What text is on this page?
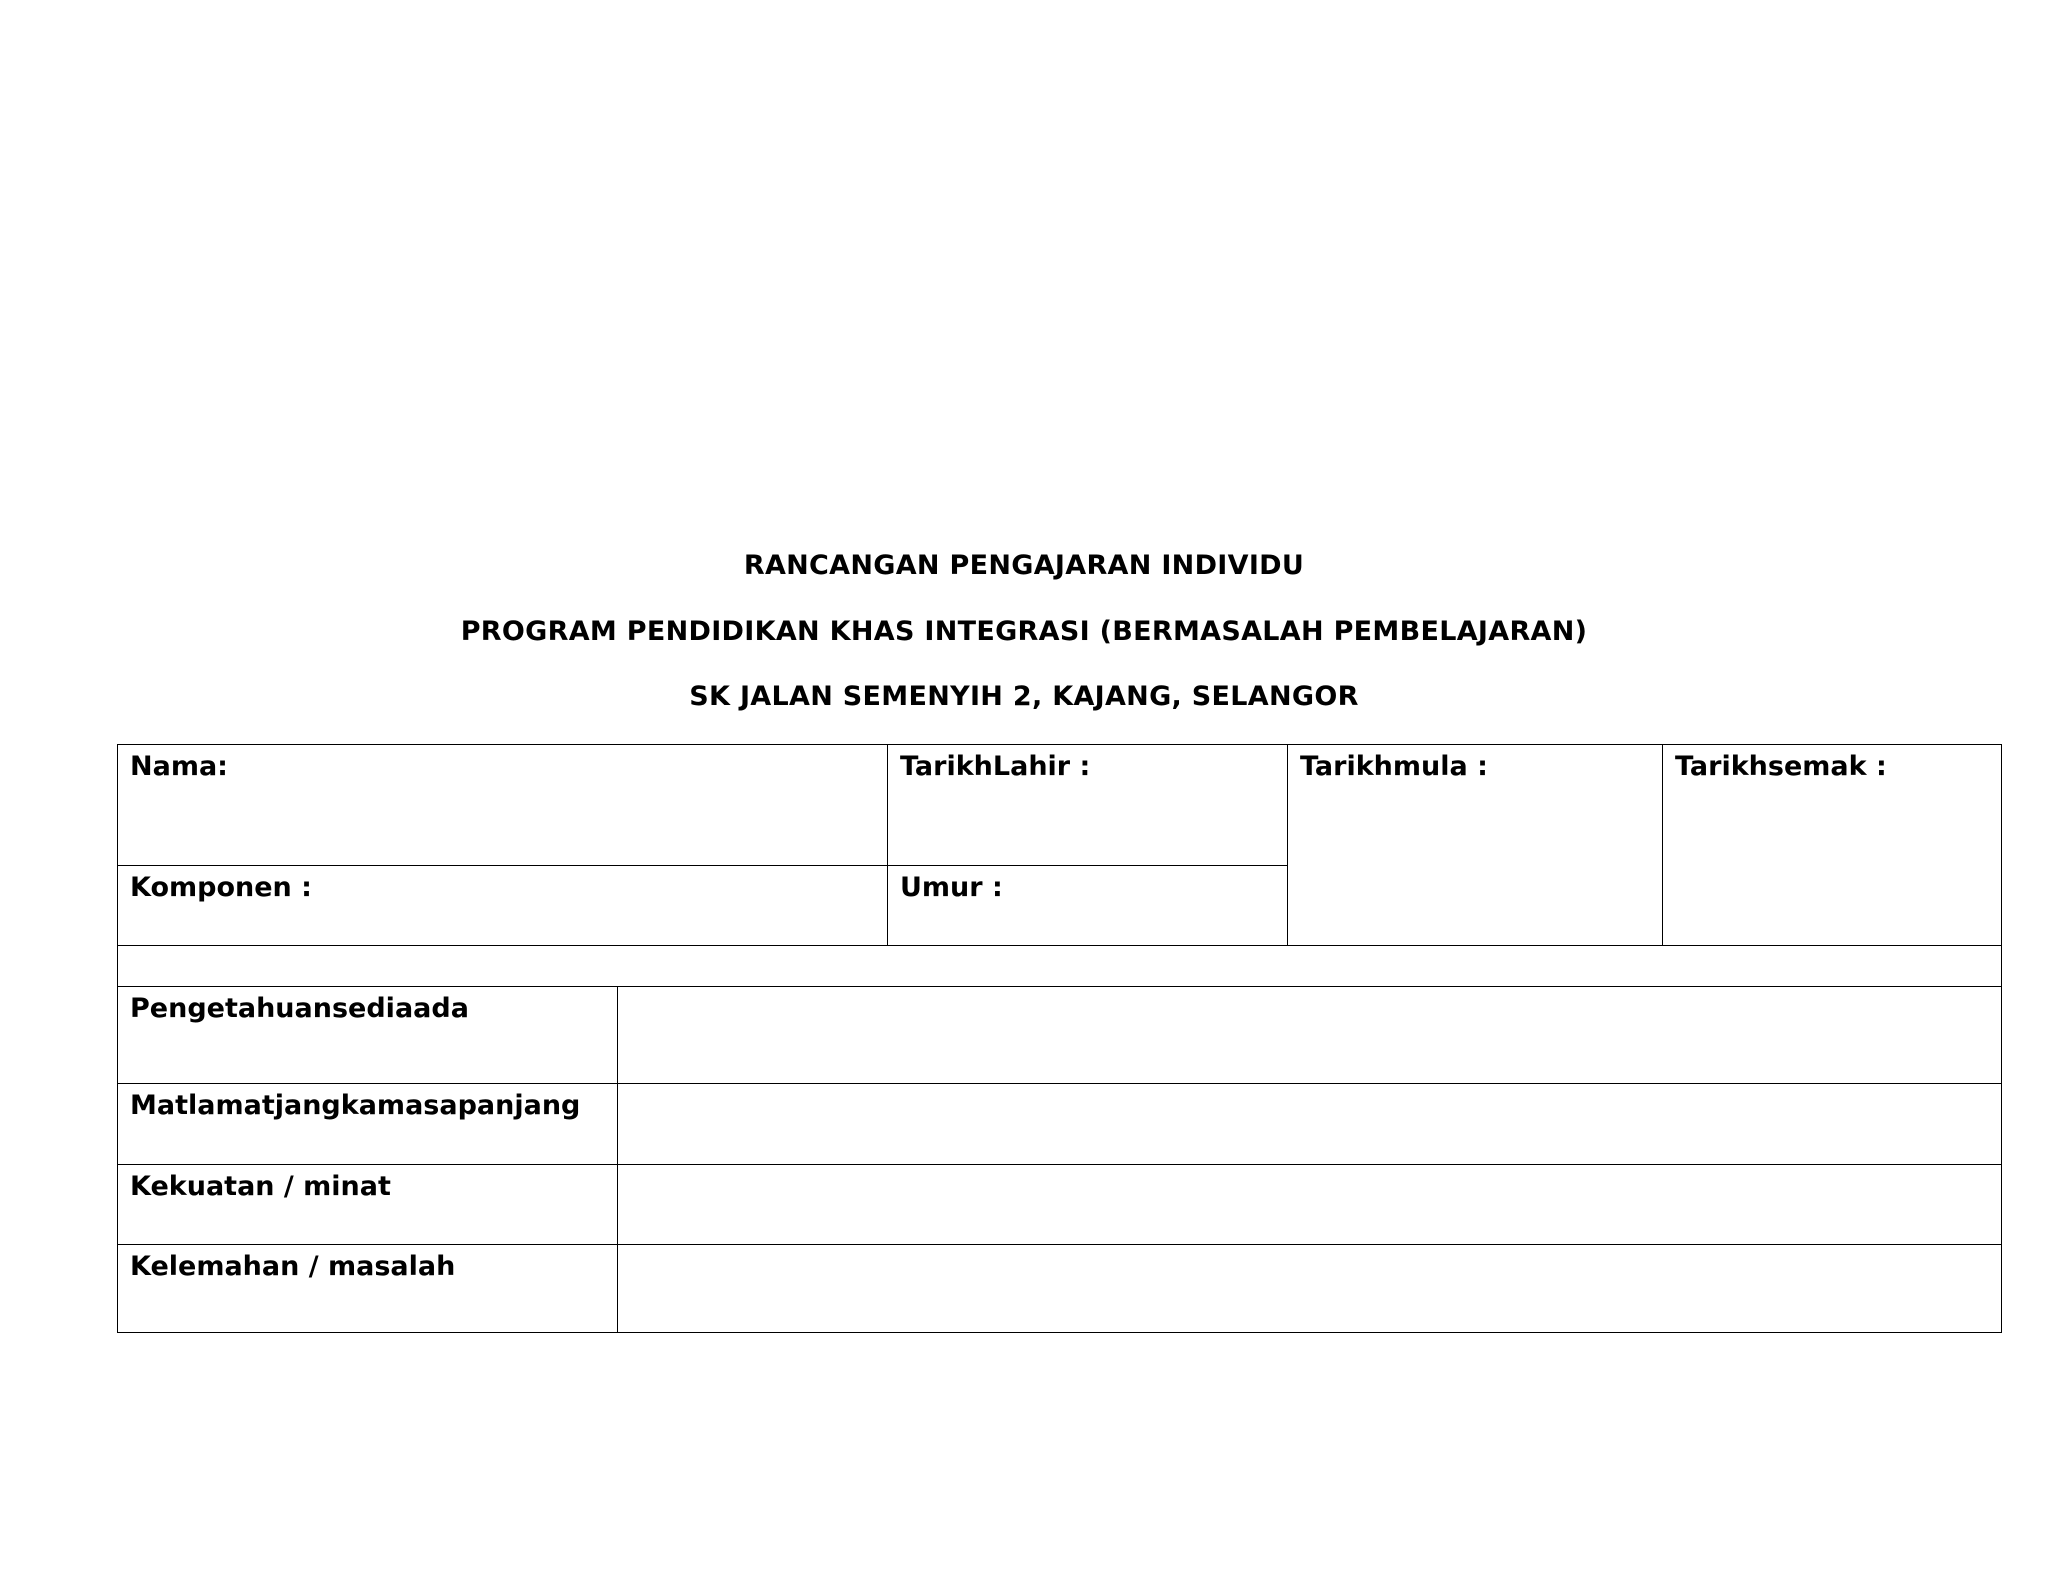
RANCANGAN PENGAJARAN INDIVIDU
PROGRAM PENDIDIKAN KHAS INTEGRASI (BERMASALAH PEMBELAJARAN)
SK JALAN SEMENYIH 2, KAJANG, SELANGOR
Nama:		TarikhLahir :	Tarikhmula :	Tarikhsemak :
Komponen :		Umur :		

Pengetahuansediaada				
Matlamatjangkamasapanjang				
Kekuatan / minat				
Kelemahan / masalah				
